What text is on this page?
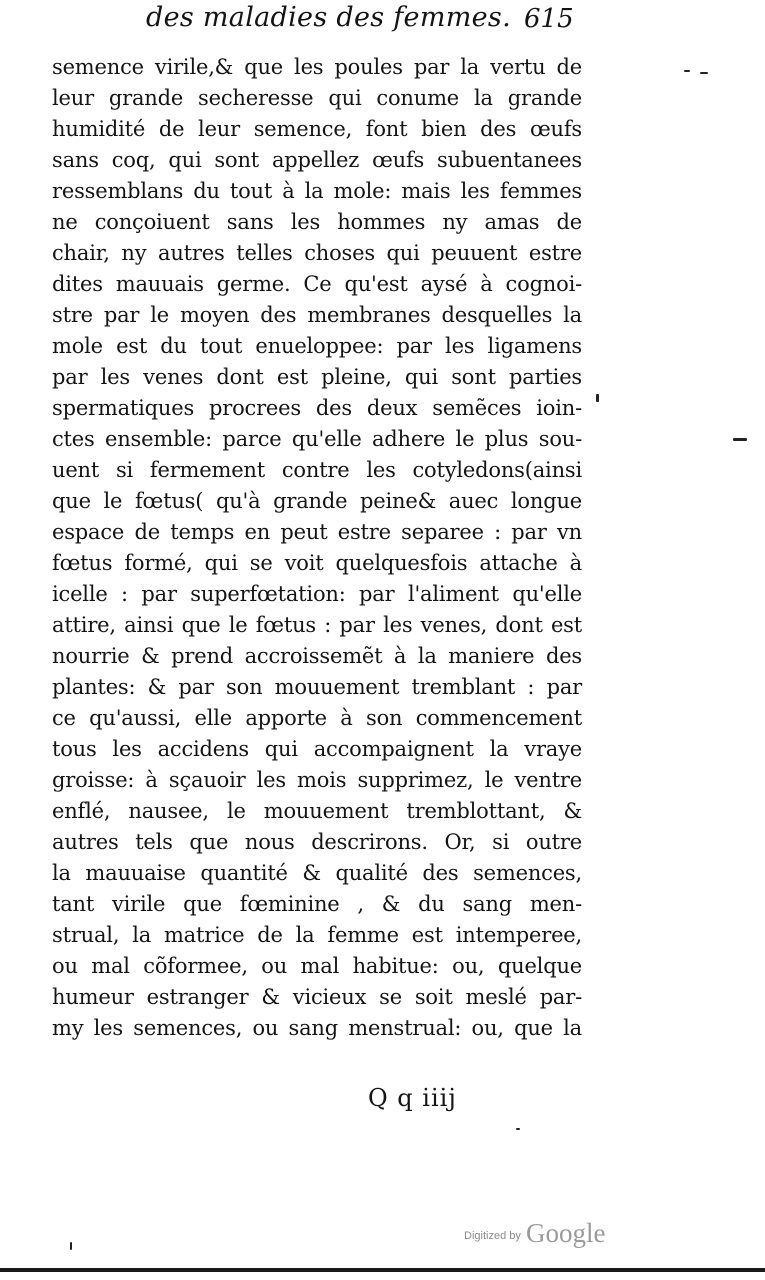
des maladies des femmes. 615
semence virile,& que les poules par la vertu de
leur grande secheresse qui conume la grande
humidité de leur semence, font bien des œufs
sans coq, qui sont appellez œufs subuentanees
ressemblans du tout à la mole: mais les femmes
ne conçoiuent sans les hommes ny amas de
chair, ny autres telles choses qui peuuent estre
dites mauuais germe. Ce qu'est aysé à cognoi-
stre par le moyen des membranes desquelles la
mole est du tout enueloppee: par les ligamens
par les venes dont est pleine, qui sont parties
spermatiques procrees des deux semẽces ioin-
ctes ensemble: parce qu'elle adhere le plus sou-
uent si fermement contre les cotyledons(ainsi
que le fœtus( qu'à grande peine& auec longue
espace de temps en peut estre separee : par vn
fœtus formé, qui se voit quelquesfois attache à
icelle : par superfœtation: par l'aliment qu'elle
attire, ainsi que le fœtus : par les venes, dont est
nourrie & prend accroissemẽt à la maniere des
plantes: & par son mouuement tremblant : par
ce qu'aussi, elle apporte à son commencement
tous les accidens qui accompaignent la vraye
groisse: à sçauoir les mois supprimez, le ventre
enflé, nausee, le mouuement tremblottant, &
autres tels que nous descrirons. Or, si outre
la mauuaise quantité & qualité des semences,
tant virile que fœminine , & du sang men-
strual, la matrice de la femme est intemperee,
ou mal cõformee, ou mal habitue: ou, quelque
humeur estranger & vicieux se soit meslé par-
my les semences, ou sang menstrual: ou, que la
Q q iiij
Digitized by Google
